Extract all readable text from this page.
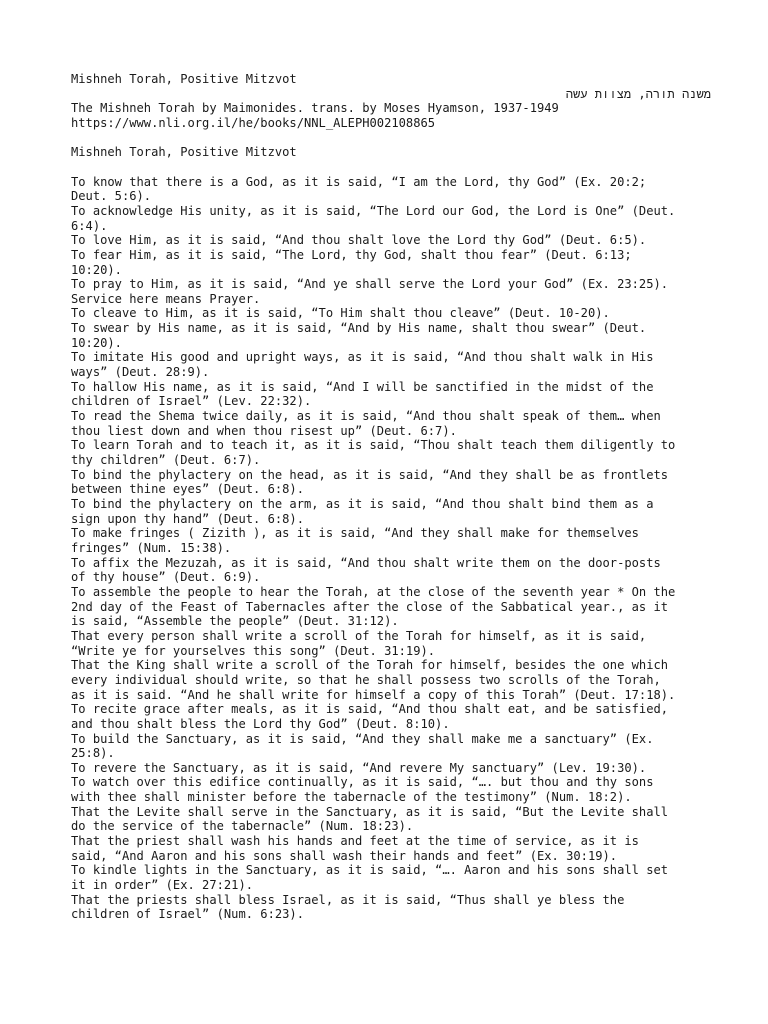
Mishneh Torah, Positive Mitzvot
משנה תורה, מצוות עשה
The Mishneh Torah by Maimonides. trans. by Moses Hyamson, 1937-1949
https://www.nli.org.il/he/books/NNL_ALEPH002108865
Mishneh Torah, Positive Mitzvot
To know that there is a God, as it is said, “I am the Lord, thy God” (Ex. 20:2;
Deut. 5:6).
To acknowledge His unity, as it is said, “The Lord our God, the Lord is One” (Deut.
6:4).
To love Him, as it is said, “And thou shalt love the Lord thy God” (Deut. 6:5).
To fear Him, as it is said, “The Lord, thy God, shalt thou fear” (Deut. 6:13;
10:20).
To pray to Him, as it is said, “And ye shall serve the Lord your God” (Ex. 23:25).
Service here means Prayer.
To cleave to Him, as it is said, “To Him shalt thou cleave” (Deut. 10-20).
To swear by His name, as it is said, “And by His name, shalt thou swear” (Deut.
10:20).
To imitate His good and upright ways, as it is said, “And thou shalt walk in His
ways” (Deut. 28:9).
To hallow His name, as it is said, “And I will be sanctified in the midst of the
children of Israel” (Lev. 22:32).
To read the Shema twice daily, as it is said, “And thou shalt speak of them… when
thou liest down and when thou risest up” (Deut. 6:7).
To learn Torah and to teach it, as it is said, “Thou shalt teach them diligently to
thy children” (Deut. 6:7).
To bind the phylactery on the head, as it is said, “And they shall be as frontlets
between thine eyes” (Deut. 6:8).
To bind the phylactery on the arm, as it is said, “And thou shalt bind them as a
sign upon thy hand” (Deut. 6:8).
To make fringes ( Zizith ), as it is said, “And they shall make for themselves
fringes” (Num. 15:38).
To affix the Mezuzah, as it is said, “And thou shalt write them on the door-posts
of thy house” (Deut. 6:9).
To assemble the people to hear the Torah, at the close of the seventh year * On the
2nd day of the Feast of Tabernacles after the close of the Sabbatical year., as it
is said, “Assemble the people” (Deut. 31:12).
That every person shall write a scroll of the Torah for himself, as it is said,
“Write ye for yourselves this song” (Deut. 31:19).
That the King shall write a scroll of the Torah for himself, besides the one which
every individual should write, so that he shall possess two scrolls of the Torah,
as it is said. “And he shall write for himself a copy of this Torah” (Deut. 17:18).
To recite grace after meals, as it is said, “And thou shalt eat, and be satisfied,
and thou shalt bless the Lord thy God” (Deut. 8:10).
To build the Sanctuary, as it is said, “And they shall make me a sanctuary” (Ex.
25:8).
To revere the Sanctuary, as it is said, “And revere My sanctuary” (Lev. 19:30).
To watch over this edifice continually, as it is said, “…. but thou and thy sons
with thee shall minister before the tabernacle of the testimony” (Num. 18:2).
That the Levite shall serve in the Sanctuary, as it is said, “But the Levite shall
do the service of the tabernacle” (Num. 18:23).
That the priest shall wash his hands and feet at the time of service, as it is
said, “And Aaron and his sons shall wash their hands and feet” (Ex. 30:19).
To kindle lights in the Sanctuary, as it is said, “…. Aaron and his sons shall set
it in order” (Ex. 27:21).
That the priests shall bless Israel, as it is said, “Thus shall ye bless the
children of Israel” (Num. 6:23).
